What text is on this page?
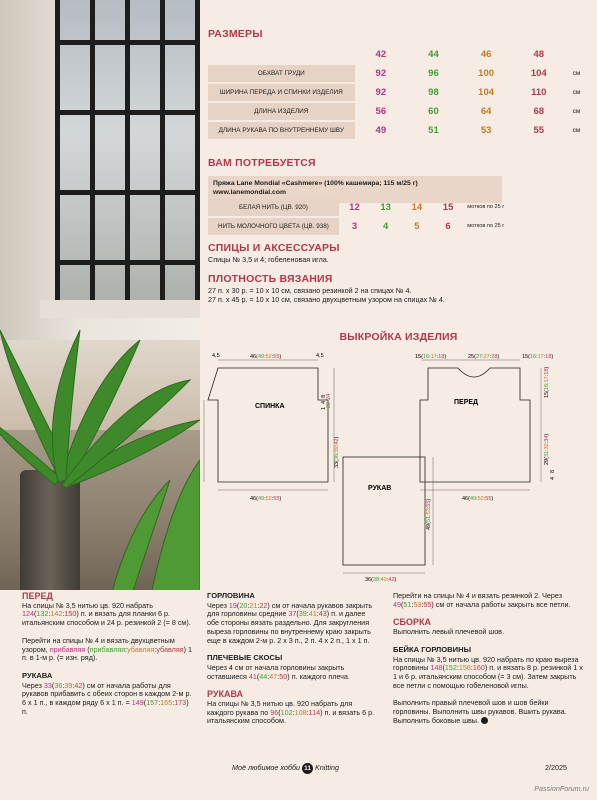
РАЗМЕРЫ
	42	44	46	48	
ОБХВАТ ГРУДИ	92	96	100	104	см
ШИРИНА ПЕРЕДА И СПИНКИ ИЗДЕЛИЯ	92	98	104	110	см
ДЛИНА ИЗДЕЛИЯ	56	60	64	68	см
ДЛИНА РУКАВА ПО ВНУТРЕННЕМУ ШВУ	49	51	53	55	см
ВАМ ПОТРЕБУЕТСЯ
Пряжа Lane Mondial «Cashmere» (100% кашемира; 115 м/25 г)
www.lanemondial.com
БЕЛАЯ НИТЬ (ЦВ. 920)	12	13	14	15	мотков по 25 г
НИТЬ МОЛОЧНОГО ЦВЕТА (ЦВ. 938)	3	4	5	6	мотков по 25 г
СПИЦЫ И АКСЕССУАРЫ
Спицы № 3,5 и 4; гобеленовая игла.
ПЛОТНОСТЬ ВЯЗАНИЯ
27 п. х 30 р. = 10 х 10 см, связано резинкой 2 на спицах № 4.
27 п. х 45 р. = 10 х 10 см, связано двухцветным узором на спицах № 4.
ВЫКРОЙКА ИЗДЕЛИЯ
4,5	4,5
46(49:52:55)
46(49:52:55)
148
2224
33(36:39:42)
СПИНКА
15(16:17:18)	25(27:27:28)	15(16:17:18)
15(16:17:18)
29(31:32:34)
48
46(49:52:55)
ПЕРЕД
РУКАВ
49(51:53:55)
36(38:40:42)
ПЕРЕД

На спицы № 3,5 нитью цв. 920 набрать 124(132:142:150) п. и вязать для планки 6 р. итальянским способом и 24 р. резинкой 2 (= 8 см).

Перейти на спицы № 4 и вязать двухцветным узором, прибавляя (прибавляя:убавляя:убавляя) 1 п. в 1-м р. (= изн. ряд).

РУКАВА

Через 33(36:39:42) см от начала работы для рукавов прибавить с обеих сторон в каждом 2-м р. 6 х 1 п., в каждом ряду 6 х 1 п. = 149(157:165:173) п.

ГОРЛОВИНА

Через 19(20:21:22) см от начала рукавов закрыть для горловины средние 37(39:41:43) п. и далее обе стороны вязать раздельно. Для закругления выреза горловины по внутреннему краю закрыть еще в каждом 2-м р. 2 х 3 п., 2 п. 4 х 2 п., 1 х 1 п.

ПЛЕЧЕВЫЕ СКОСЫ

Через 4 см от начала горловины закрыть оставшиеся 41(44:47:50) п. каждого плеча.

РУКАВА

На спицы № 3,5 нитью цв. 920 набрать для каждого рукава по 96(102:108:114) п. и вязать 6 р. итальянским способом.

Перейти на спицы № 4 и вязать резинкой 2. Через 49(51:53:55) см от начала работы закрыть все петли.

СБОРКА

Выполнить левый плечевой шов.

БЕЙКА ГОРЛОВИНЫ

На спицы № 3,5 нитью цв. 920 набрать по краю выреза горловины 148(152:156:160) п. и вязать 8 р. резинкой 1 х 1 и 6 р. итальянским способом (= 3 см). Затем закрыть все петли с помощью гобеленовой иглы.

Выполнить правый плечевой шов и шов бейки горловины. Выполнить швы рукавов. Вшить рукава. Выполнить боковые швы.

Моё любимое хобби 11 Knitting	2/2025
PassionForum.ru
